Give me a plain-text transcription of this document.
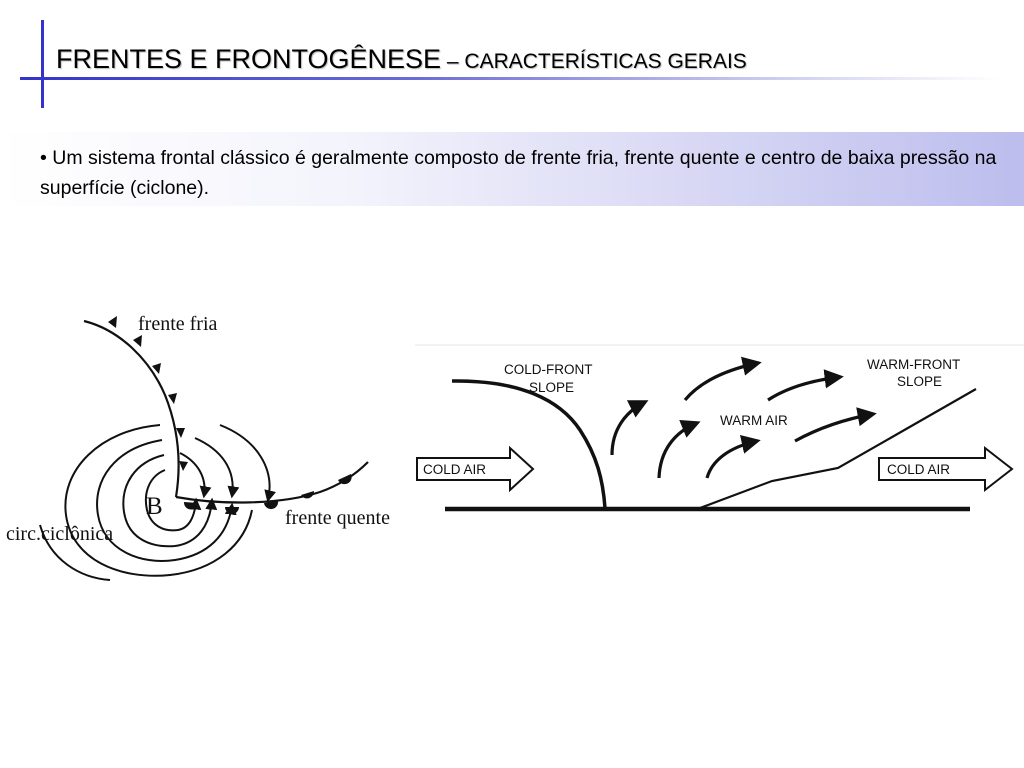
FRENTES E FRONTOGÊNESE – CARACTERÍSTICAS GERAIS
• Um sistema frontal clássico é geralmente composto de frente fria, frente quente e centro de baixa pressão na superfície (ciclone).
frente fria
frente quente
B
circ.ciclônica
COLD AIR	COLD AIR
COLD-FRONT
SLOPE
WARM-FRONT
SLOPE
WARM AIR
